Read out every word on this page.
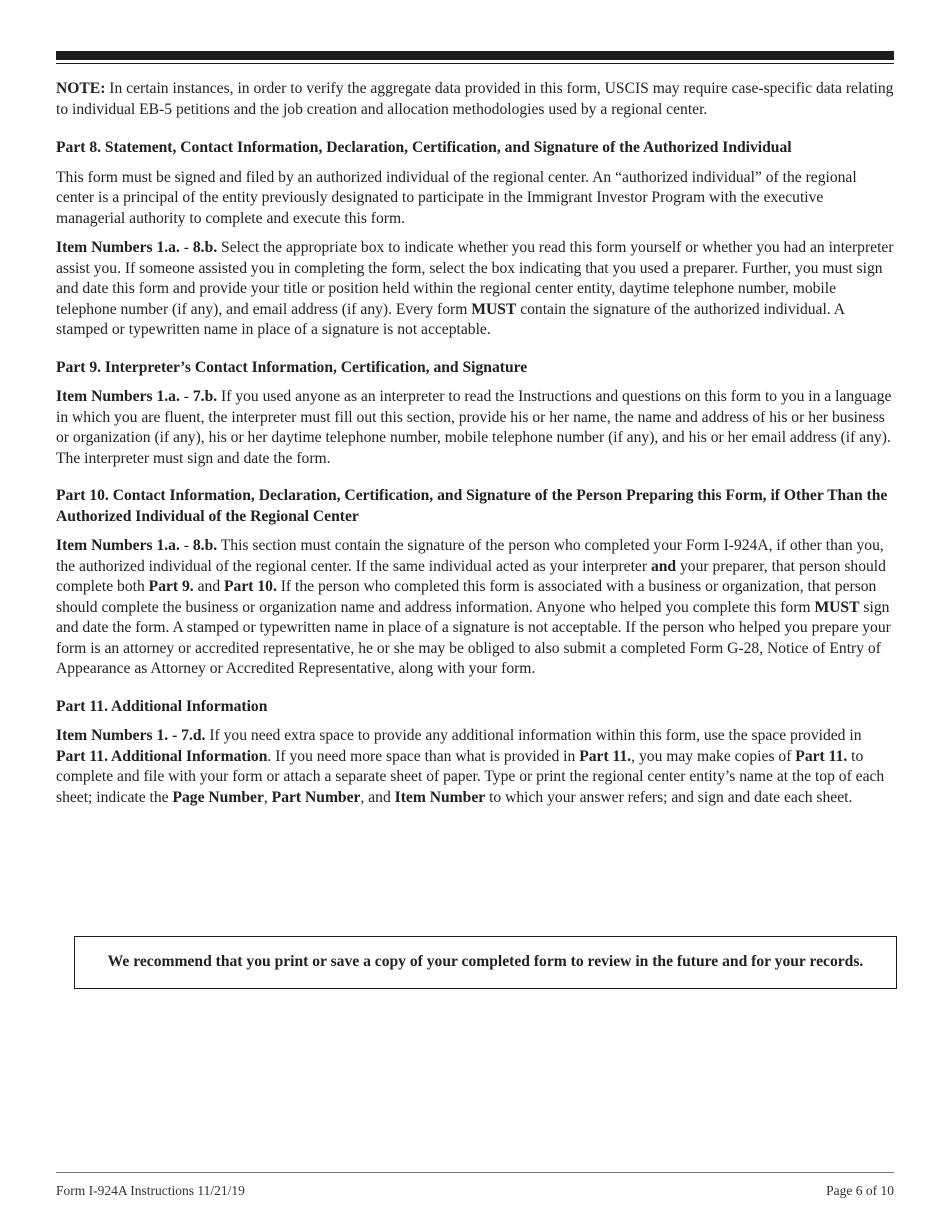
NOTE: In certain instances, in order to verify the aggregate data provided in this form, USCIS may require case-specific data relating to individual EB-5 petitions and the job creation and allocation methodologies used by a regional center.

Part 8. Statement, Contact Information, Declaration, Certification, and Signature of the Authorized Individual

This form must be signed and filed by an authorized individual of the regional center. An “authorized individual” of the regional center is a principal of the entity previously designated to participate in the Immigrant Investor Program with the executive managerial authority to complete and execute this form.

Item Numbers 1.a. - 8.b. Select the appropriate box to indicate whether you read this form yourself or whether you had an interpreter assist you. If someone assisted you in completing the form, select the box indicating that you used a preparer. Further, you must sign and date this form and provide your title or position held within the regional center entity, daytime telephone number, mobile telephone number (if any), and email address (if any). Every form MUST contain the signature of the authorized individual. A stamped or typewritten name in place of a signature is not acceptable.

Part 9. Interpreter’s Contact Information, Certification, and Signature

Item Numbers 1.a. - 7.b. If you used anyone as an interpreter to read the Instructions and questions on this form to you in a language in which you are fluent, the interpreter must fill out this section, provide his or her name, the name and address of his or her business or organization (if any), his or her daytime telephone number, mobile telephone number (if any), and his or her email address (if any). The interpreter must sign and date the form.

Part 10. Contact Information, Declaration, Certification, and Signature of the Person Preparing this Form, if Other Than the Authorized Individual of the Regional Center

Item Numbers 1.a. - 8.b. This section must contain the signature of the person who completed your Form I-924A, if other than you, the authorized individual of the regional center. If the same individual acted as your interpreter and your preparer, that person should complete both Part 9. and Part 10. If the person who completed this form is associated with a business or organization, that person should complete the business or organization name and address information. Anyone who helped you complete this form MUST sign and date the form. A stamped or typewritten name in place of a signature is not acceptable. If the person who helped you prepare your form is an attorney or accredited representative, he or she may be obliged to also submit a completed Form G-28, Notice of Entry of Appearance as Attorney or Accredited Representative, along with your form.

Part 11. Additional Information

Item Numbers 1. - 7.d. If you need extra space to provide any additional information within this form, use the space provided in Part 11. Additional Information. If you need more space than what is provided in Part 11., you may make copies of Part 11. to complete and file with your form or attach a separate sheet of paper. Type or print the regional center entity’s name at the top of each sheet; indicate the Page Number, Part Number, and Item Number to which your answer refers; and sign and date each sheet.

We recommend that you print or save a copy of your completed form to review in the future and for your records.
Form I-924A Instructions 11/21/19	Page 6 of 10
